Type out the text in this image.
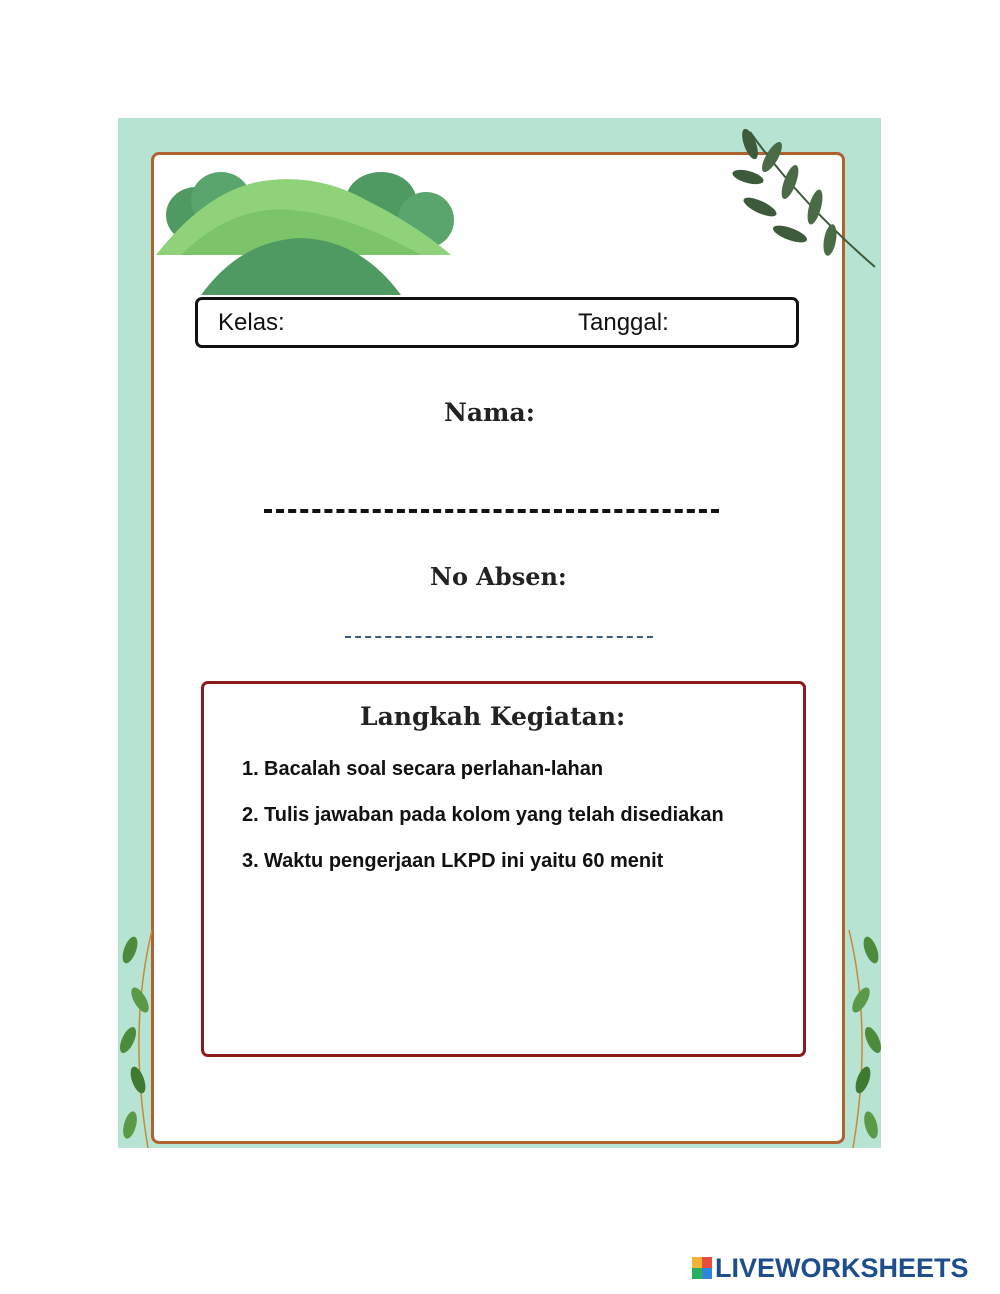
Kelas:	Tanggal:
Nama:
No Absen:
Langkah Kegiatan:
1. Bacalah soal secara perlahan-lahan
2. Tulis jawaban pada kolom yang telah disediakan
3. Waktu pengerjaan LKPD ini yaitu 60 menit
LIVEWORKSHEETS
